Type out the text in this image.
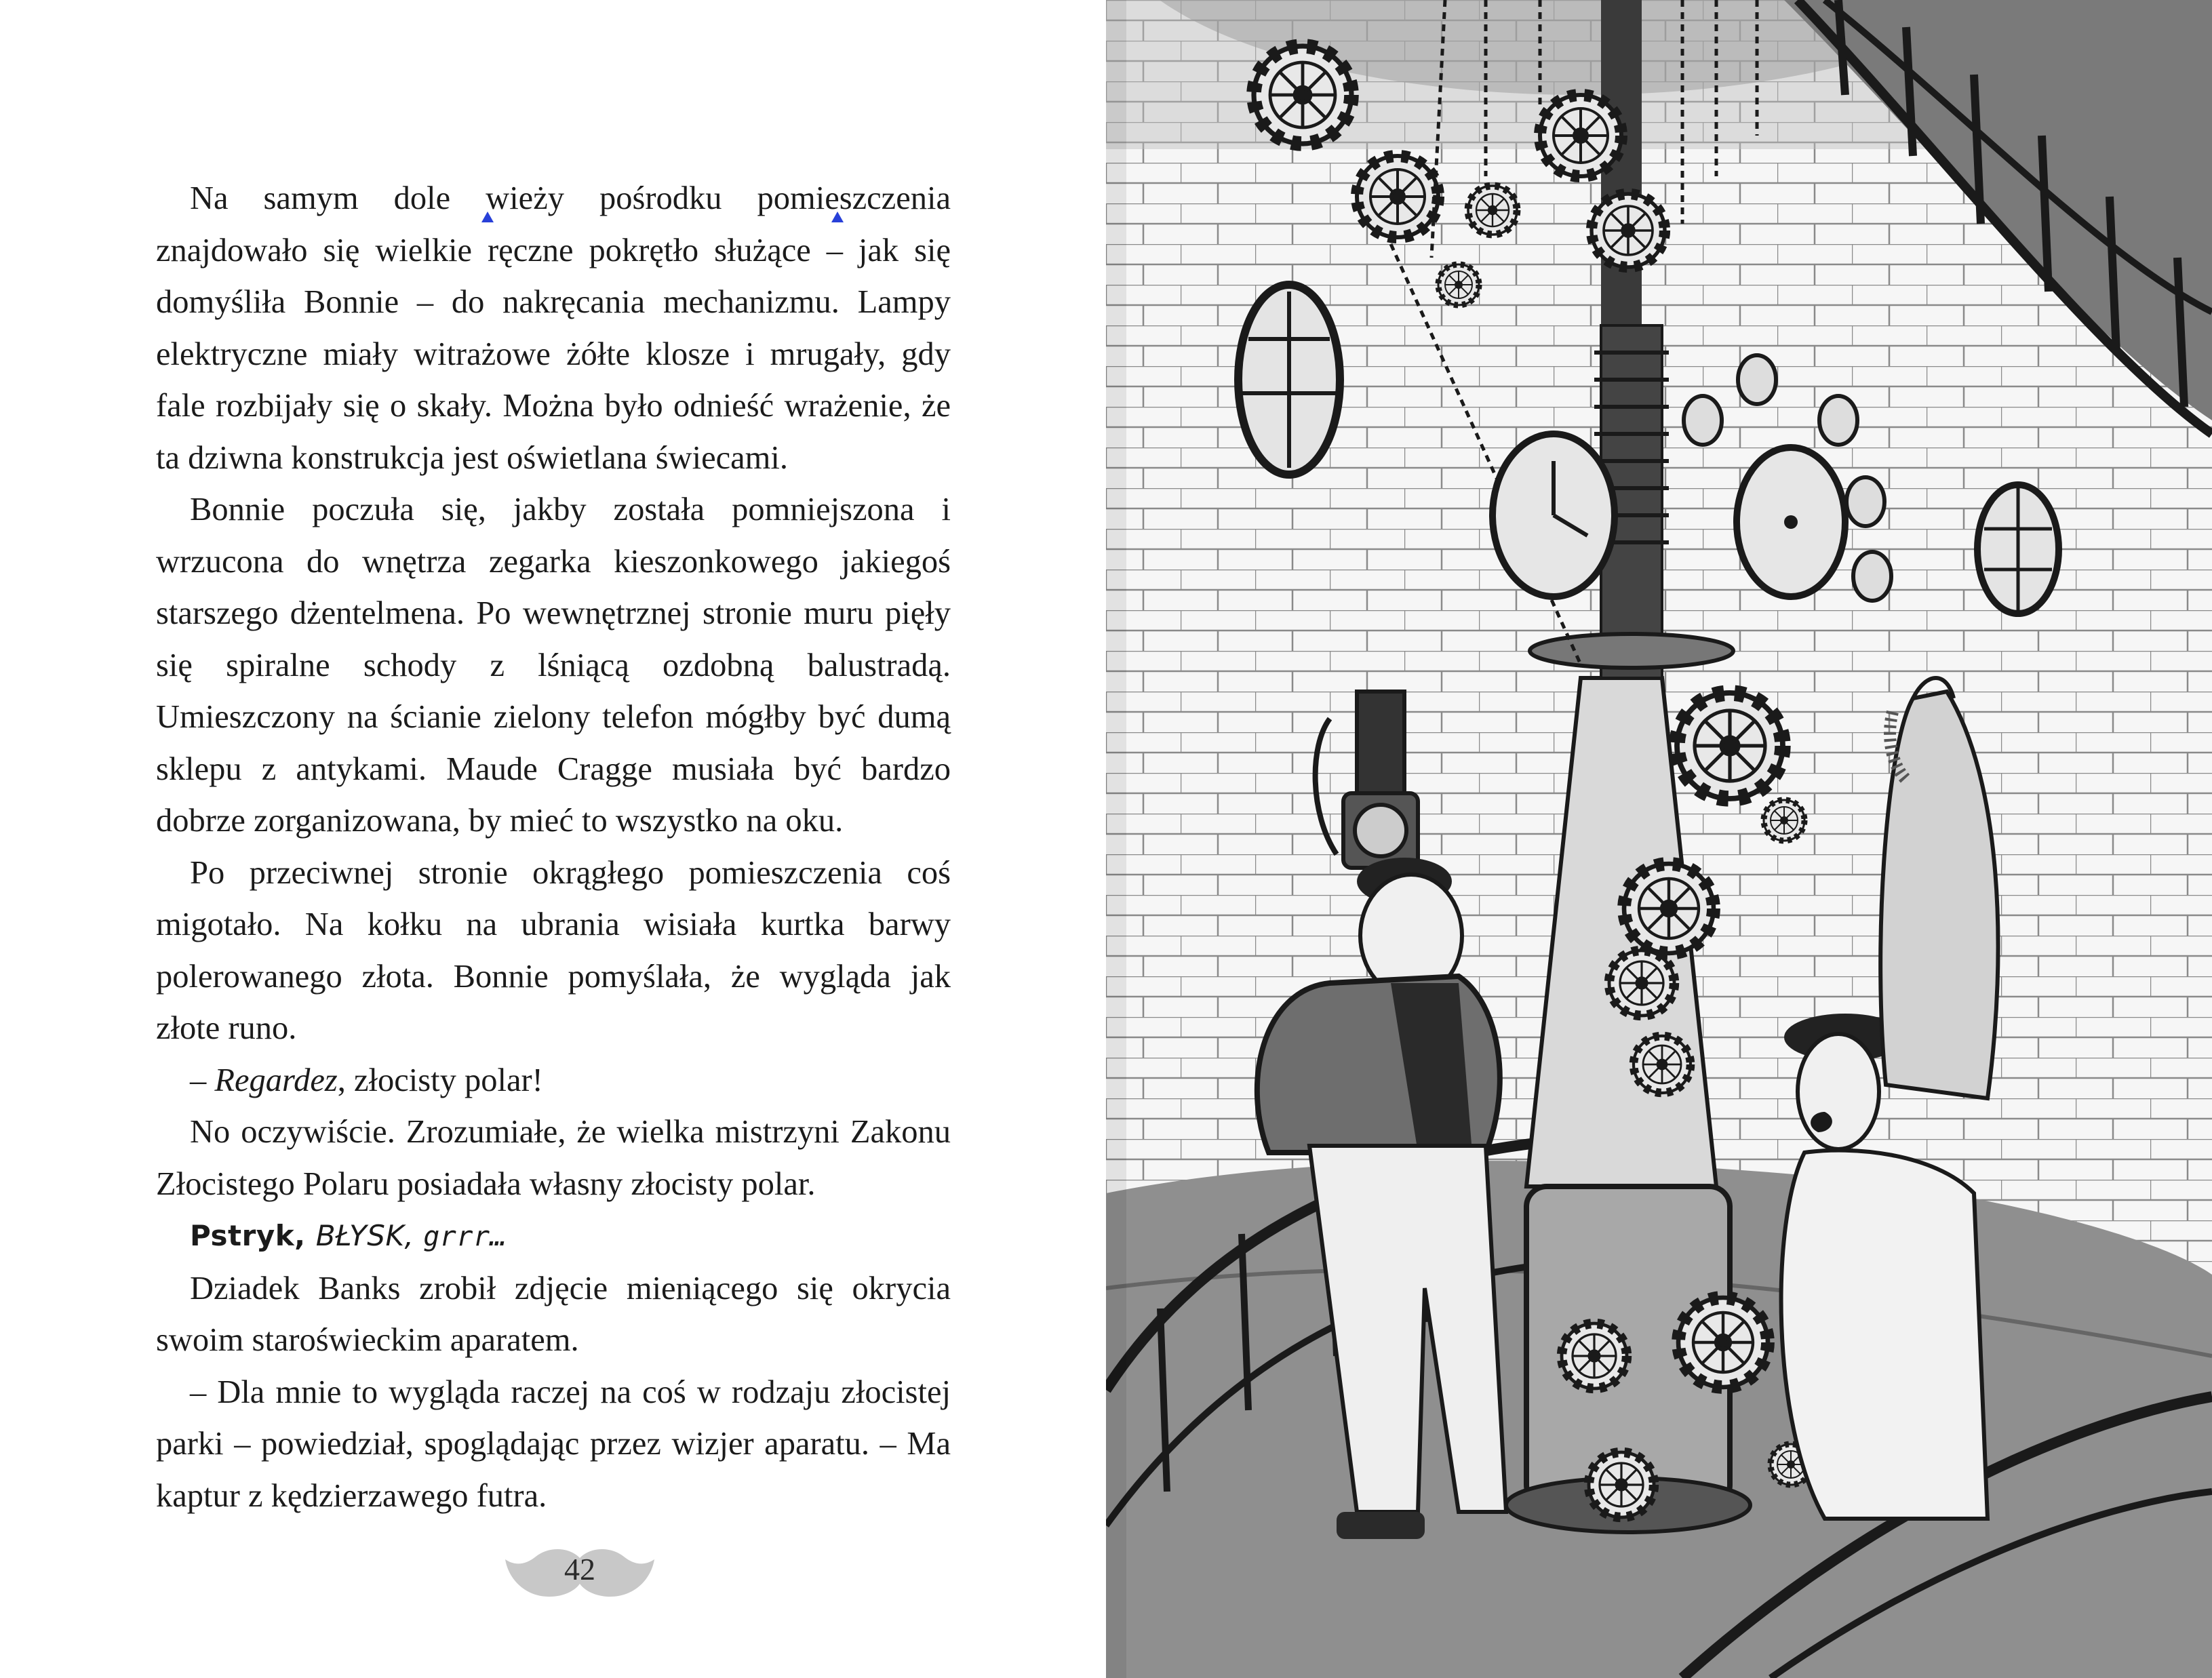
Na samym dole wieży pośrodku pomieszczenia znajdowało się wielkie ręczne pokrętło służące – jak się domyśliła Bonnie – do nakręcania mechanizmu. Lampy elektryczne miały witrażowe żółte klosze i mrugały, gdy fale rozbijały się o skały. Można było odnieść wrażenie, że ta dziwna konstrukcja jest oświetlana świecami.

Bonnie poczuła się, jakby została pomniejszona i wrzucona do wnętrza zegarka kieszonkowego jakiegoś starszego dżentelmena. Po wewnętrznej stronie muru pięły się spiralne schody z lśniącą ozdobną balustradą. Umieszczony na ścianie zielony telefon mógłby być dumą sklepu z antykami. Maude Cragge musiała być bardzo dobrze zorganizowana, by mieć to wszystko na oku.

Po przeciwnej stronie okrągłego pomieszczenia coś migotało. Na kołku na ubrania wisiała kurtka barwy polerowanego złota. Bonnie pomyślała, że wygląda jak złote runo.

– Regardez, złocisty polar!

No oczywiście. Zrozumiałe, że wielka mistrzyni Zakonu Złocistego Polaru posiadała własny złocisty polar.

Pstryk, BŁYSK, grrr…

Dziadek Banks zrobił zdjęcie mieniącego się okrycia swoim staroświeckim aparatem.

– Dla mnie to wygląda raczej na coś w rodzaju złocistej parki – powiedział, spoglądając przez wizjer aparatu. – Ma kaptur z kędzierzawego futra.

42
